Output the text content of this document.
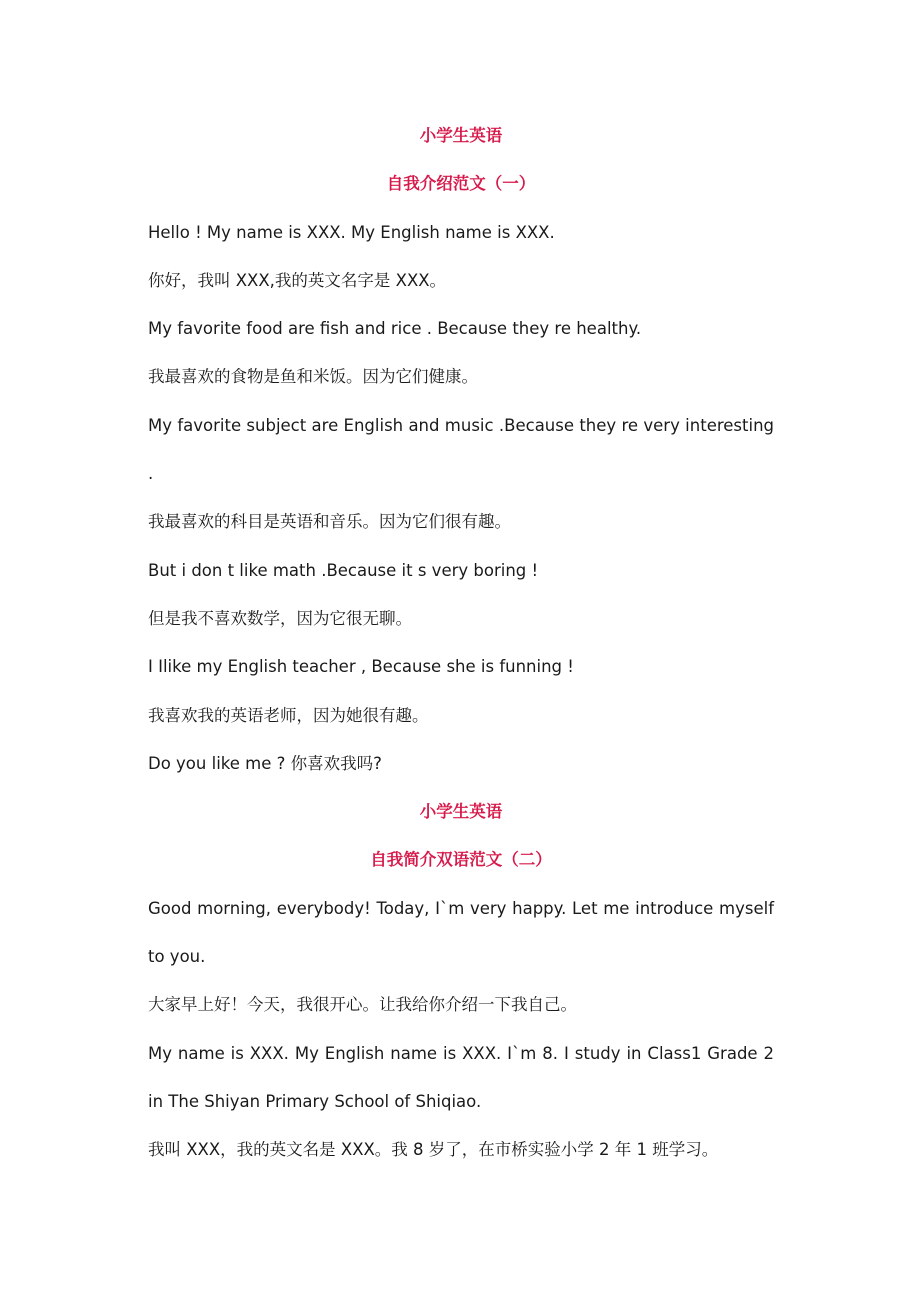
小学生英语
自我介绍范文（一）
Hello ! My name is XXX. My English name is XXX.
你好，我叫 XXX,我的英文名字是 XXX。
My favorite food are fish and rice . Because they re healthy.
我最喜欢的食物是鱼和米饭。因为它们健康。
My favorite subject are English and music .Because they re very interesting
.
我最喜欢的科目是英语和音乐。因为它们很有趣。
But i don t like math .Because it s very boring !
但是我不喜欢数学，因为它很无聊。
I Ilike my English teacher , Because she is funning !
我喜欢我的英语老师，因为她很有趣。
Do you like me ? 你喜欢我吗?
小学生英语
自我简介双语范文（二）
Good morning, everybody! Today, I`m very happy. Let me introduce myself
to you.
大家早上好！今天，我很开心。让我给你介绍一下我自己。
My name is XXX. My English name is XXX. I`m 8. I study in Class1 Grade 2
in The Shiyan Primary School of Shiqiao.
我叫 XXX，我的英文名是 XXX。我 8 岁了，在市桥实验小学 2 年 1 班学习。
